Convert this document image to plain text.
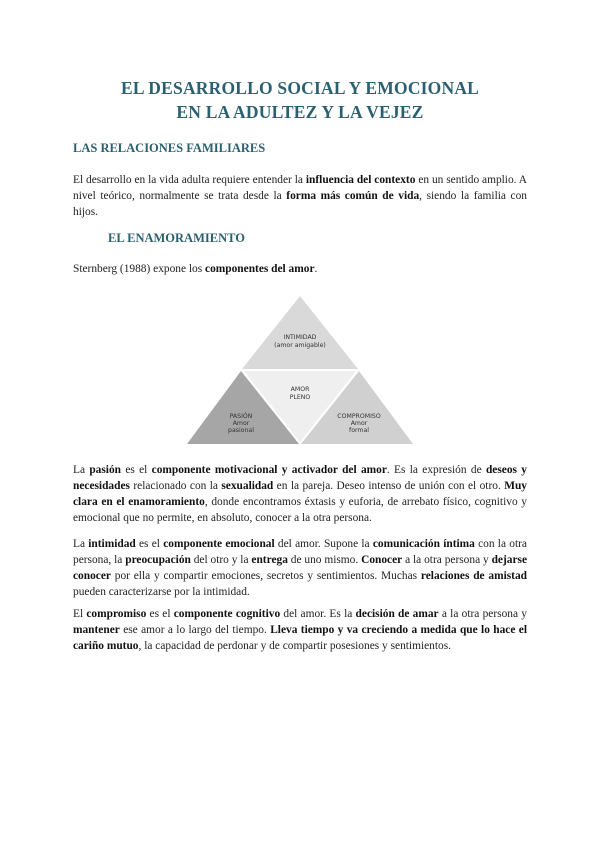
EL DESARROLLO SOCIAL Y EMOCIONAL
EN LA ADULTEZ Y LA VEJEZ
LAS RELACIONES FAMILIARES
El desarrollo en la vida adulta requiere entender la influencia del contexto en un sentido amplio. A nivel teórico, normalmente se trata desde la forma más común de vida, siendo la familia con hijos.
EL ENAMORAMIENTO
Sternberg (1988) expone los componentes del amor.
INTIMIDAD
(amor amigable)
AMOR
PLENO
PASIÓN
Amor
pasional
COMPROMISO
Amor
formal
La pasión es el componente motivacional y activador del amor. Es la expresión de deseos y necesidades relacionado con la sexualidad en la pareja. Deseo intenso de unión con el otro. Muy clara en el enamoramiento, donde encontramos éxtasis y euforia, de arrebato físico, cognitivo y emocional que no permite, en absoluto, conocer a la otra persona.
La intimidad es el componente emocional del amor. Supone la comunicación íntima con la otra persona, la preocupación del otro y la entrega de uno mismo. Conocer a la otra persona y dejarse conocer por ella y compartir emociones, secretos y sentimientos. Muchas relaciones de amistad pueden caracterizarse por la intimidad.
El compromiso es el componente cognitivo del amor. Es la decisión de amar a la otra persona y mantener ese amor a lo largo del tiempo. Lleva tiempo y va creciendo a medida que lo hace el cariño mutuo, la capacidad de perdonar y de compartir posesiones y sentimientos.
